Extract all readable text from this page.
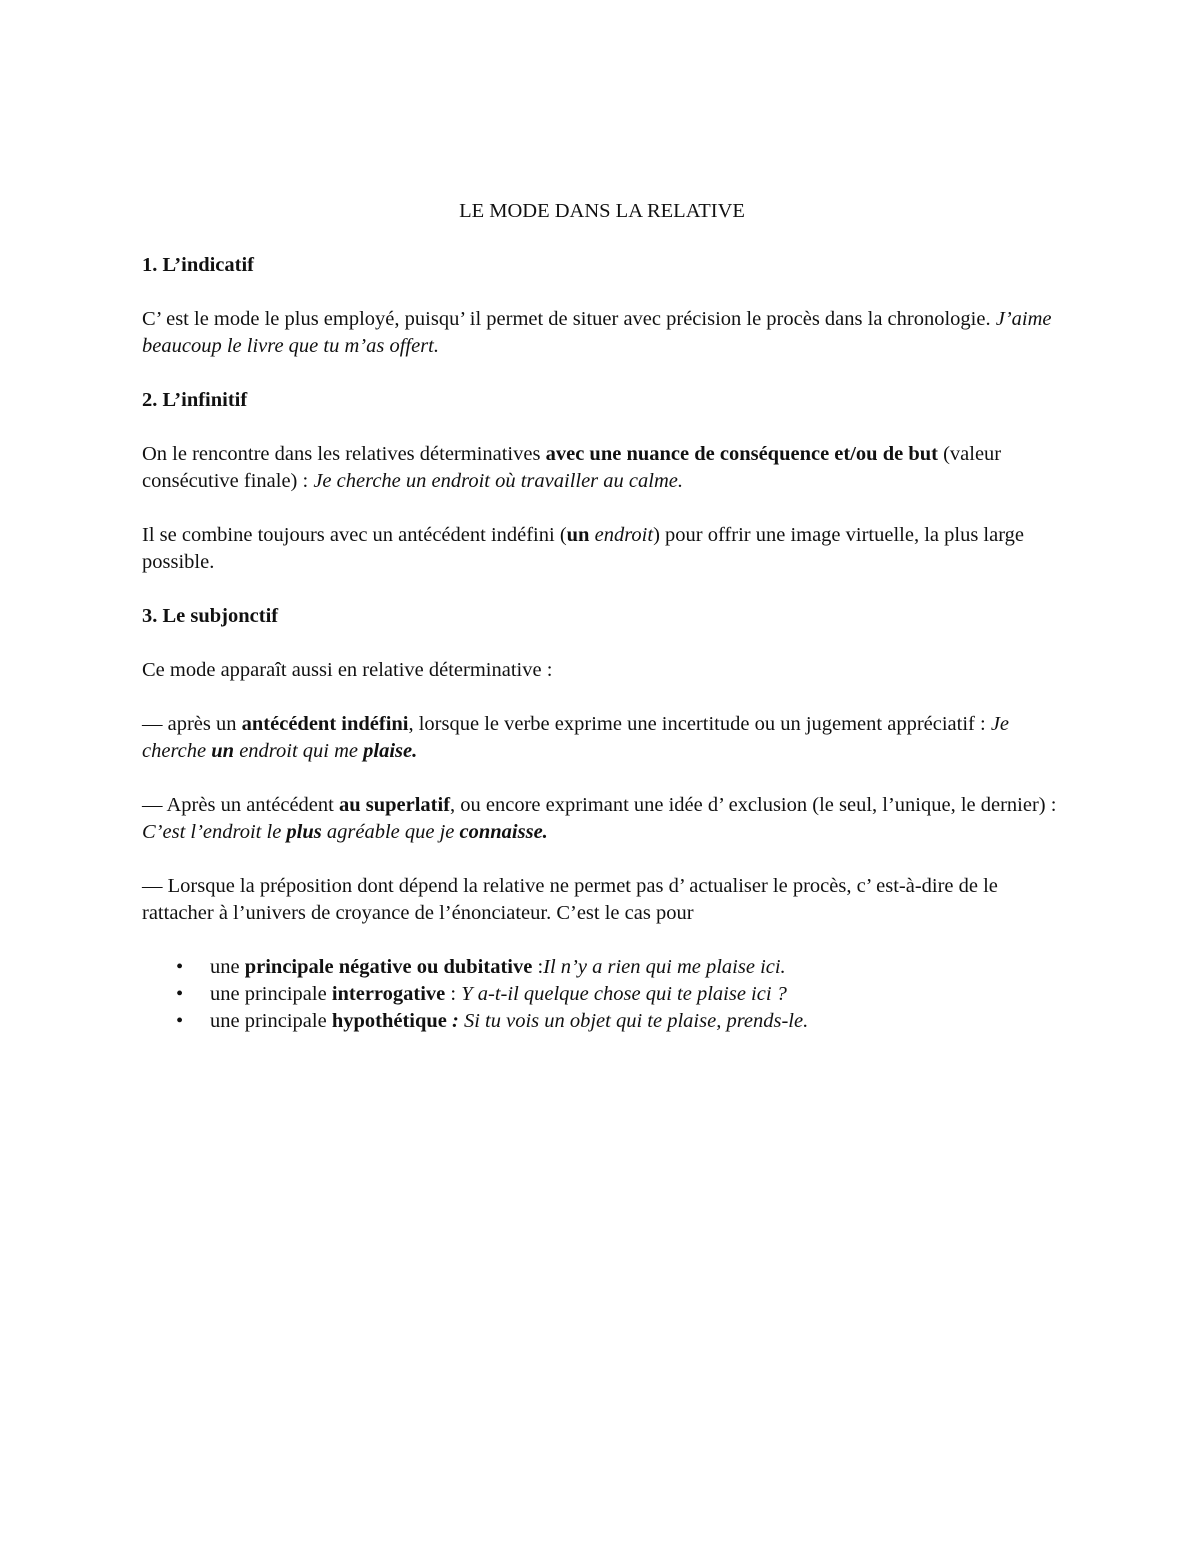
LE MODE DANS LA RELATIVE
1. L’indicatif

C’ est le mode le plus employé, puisqu’ il permet de situer avec précision le procès dans la chronologie. J’aime beaucoup le livre que tu m’as offert.

2. L’infinitif

On le rencontre dans les relatives déterminatives avec une nuance de conséquence et/ou de but (valeur consécutive finale) : Je cherche un endroit où travailler au calme.

Il se combine toujours avec un antécédent indéfini (un endroit) pour offrir une image virtuelle, la plus large possible.

3. Le subjonctif

Ce mode apparaît aussi en relative déterminative :

— après un antécédent indéfini, lorsque le verbe exprime une incertitude ou un jugement appréciatif : Je cherche un endroit qui me plaise.

— Après un antécédent au superlatif, ou encore exprimant une idée d’ exclusion (le seul, l’unique, le dernier) : C’est l’endroit le plus agréable que je connaisse.

— Lorsque la préposition dont dépend la relative ne permet pas d’ actualiser le procès, c’ est-à-dire de le rattacher à l’univers de croyance de l’énonciateur. C’est le cas pour

• une principale négative ou dubitative :Il n’y a rien qui me plaise ici.
• une principale interrogative : Y a-t-il quelque chose qui te plaise ici ?
• une principale hypothétique : Si tu vois un objet qui te plaise, prends-le.
